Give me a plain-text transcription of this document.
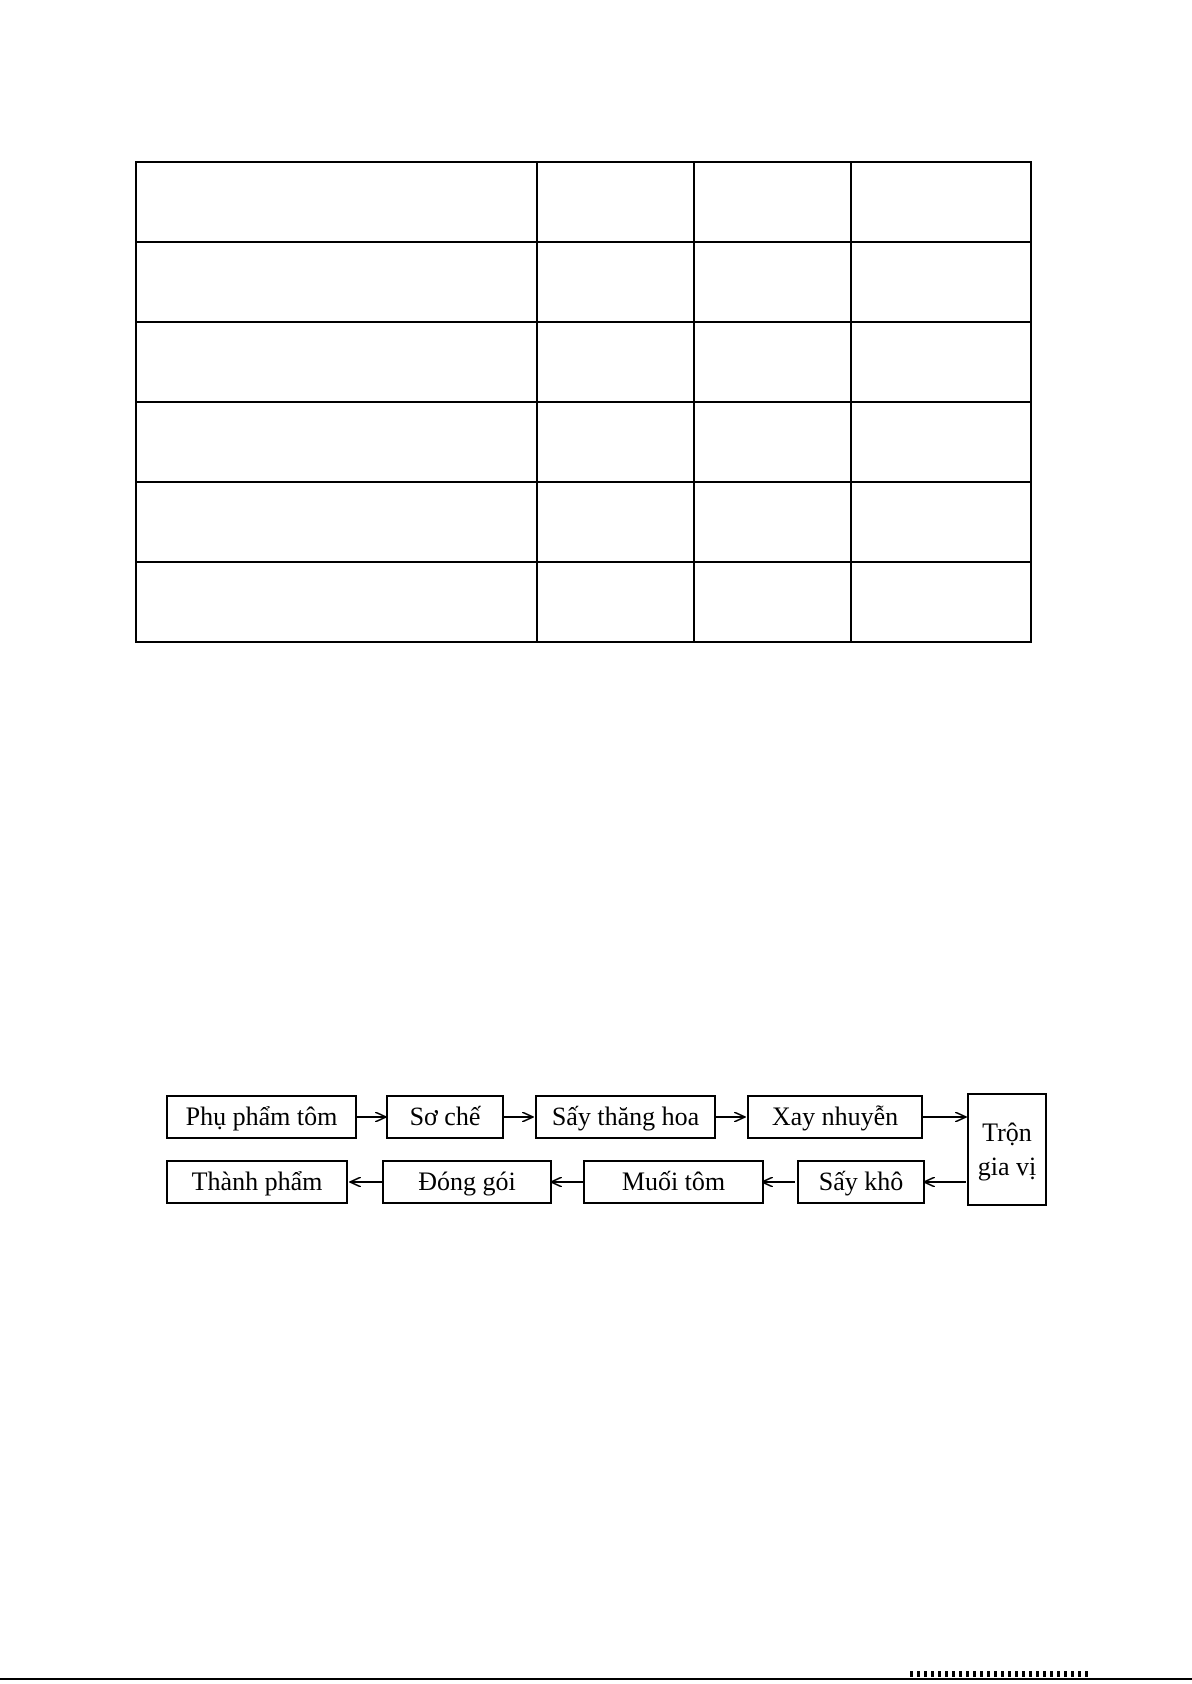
Phụ phẩm tôm	Sơ chế	Sấy thăng hoa	Xay nhuyễn
Trộn gia vị
Sấy khô
Muối tôm
Đóng gói
Thành phẩm
